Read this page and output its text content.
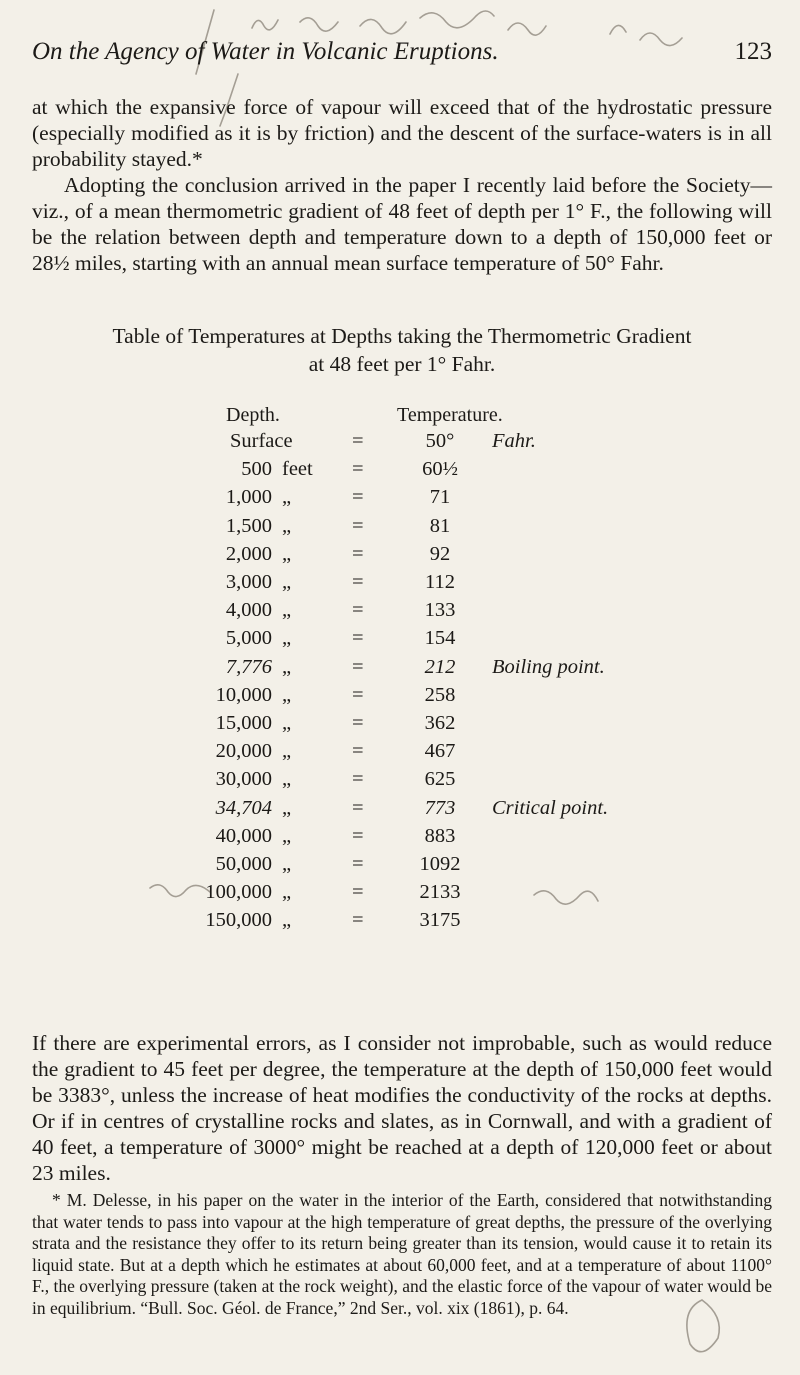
On the Agency of Water in Volcanic Eruptions.	123

at which the expansive force of vapour will exceed that of the hydrostatic pressure (especially modified as it is by friction) and the descent of the surface-waters is in all probability stayed.*

Adopting the conclusion arrived in the paper I recently laid before the Society—viz., of a mean thermometric gradient of 48 feet of depth per 1° F., the following will be the relation between depth and temperature down to a depth of 150,000 feet or 28½ miles, starting with an annual mean surface temperature of 50° Fahr.

Table of Temperatures at Depths taking the Thermometric Gradient
at 48 feet per 1° Fahr.
Depth.	Temperature.
Surface	=	50°	Fahr.
500 feet =	60½
1,000 „	=	71
1,500 „	=	81
2,000 „	=	92
3,000 „	=	112
4,000 „	=	133
5,000 „	=	154
7,776 „	=	212	Boiling point.
10,000 „	=	258
15,000 „	=	362
20,000 „	=	467
30,000 „	=	625
34,704 „	=	773	Critical point.
40,000 „	=	883
50,000 „	=	1092
100,000 „	=	2133
150,000 „	=	3175

If there are experimental errors, as I consider not improbable, such as would reduce the gradient to 45 feet per degree, the temperature at the depth of 150,000 feet would be 3383°, unless the increase of heat modifies the conductivity of the rocks at depths. Or if in centres of crystalline rocks and slates, as in Cornwall, and with a gradient of 40 feet, a temperature of 3000° might be reached at a depth of 120,000 feet or about 23 miles.

* M. Delesse, in his paper on the water in the interior of the Earth, considered that notwithstanding that water tends to pass into vapour at the high temperature of great depths, the pressure of the overlying strata and the resistance they offer to its return being greater than its tension, would cause it to retain its liquid state. But at a depth which he estimates at about 60,000 feet, and at a temperature of about 1100° F., the overlying pressure (taken at the rock weight), and the elastic force of the vapour of water would be in equilibrium. “Bull. Soc. Géol. de France,” 2nd Ser., vol. xix (1861), p. 64.
